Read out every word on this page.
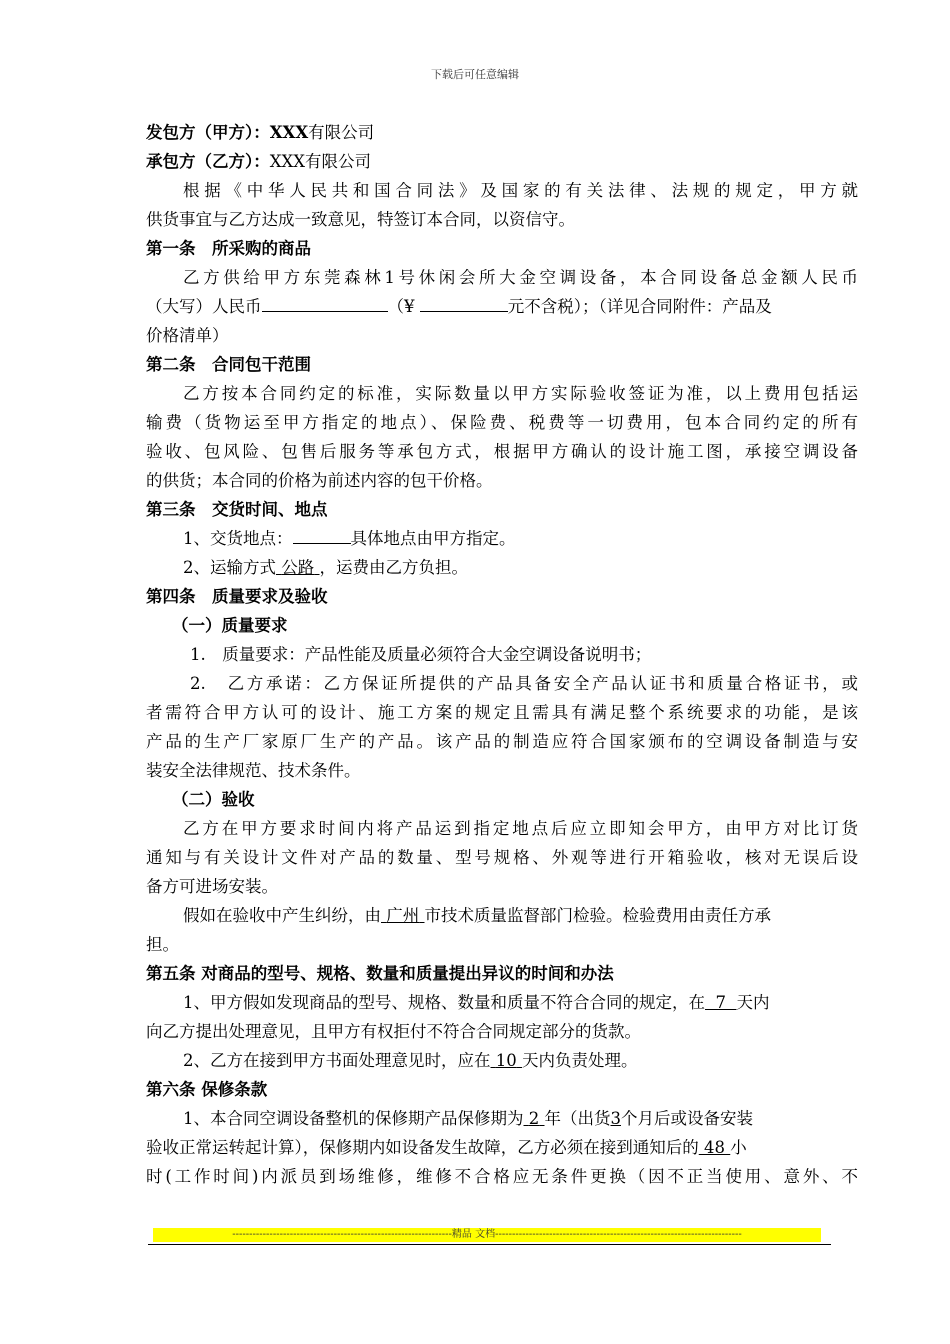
下载后可任意编辑
发包方（甲方）：XXX有限公司
承包方（乙方）：XXX有限公司
根据《中华人民共和国合同法》及国家的有关法律、法规的规定，甲方就
供货事宜与乙方达成一致意见，特签订本合同，以资信守。
第一条　所采购的商品
乙方供给甲方东莞森林1号休闲会所大金空调设备，本合同设备总金额人民币
（大写）人民币	（¥	元不含税）；（详见合同附件：产品及
价格清单）
第二条　合同包干范围
乙方按本合同约定的标准，实际数量以甲方实际验收签证为准，以上费用包括运
输费（货物运至甲方指定的地点）、保险费、税费等一切费用，包本合同约定的所有
验收、包风险、包售后服务等承包方式，根据甲方确认的设计施工图，承接空调设备
的供货；本合同的价格为前述内容的包干价格。
第三条　交货时间、地点
1、交货地点：	具体地点由甲方指定。
2、运输方式 公路 ，运费由乙方负担。
第四条　质量要求及验收
（一）质量要求
1.　质量要求：产品性能及质量必须符合大金空调设备说明书；
2.　乙方承诺：乙方保证所提供的产品具备安全产品认证书和质量合格证书，或
者需符合甲方认可的设计、施工方案的规定且需具有满足整个系统要求的功能，是该
产品的生产厂家原厂生产的产品。该产品的制造应符合国家颁布的空调设备制造与安
装安全法律规范、技术条件。
（二）验收
乙方在甲方要求时间内将产品运到指定地点后应立即知会甲方，由甲方对比订货
通知与有关设计文件对产品的数量、型号规格、外观等进行开箱验收，核对无误后设
备方可进场安装。
假如在验收中产生纠纷，由 广州 市技术质量监督部门检验。检验费用由责任方承
担。
第五条 对商品的型号、规格、数量和质量提出异议的时间和办法
1、甲方假如发现商品的型号、规格、数量和质量不符合合同的规定，在 7 天内
向乙方提出处理意见，且甲方有权拒付不符合合同规定部分的货款。
2、乙方在接到甲方书面处理意见时，应在 10 天内负责处理。
第六条 保修条款
1、本合同空调设备整机的保修期产品保修期为 2 年（出货3个月后或设备安装
验收正常运转起计算），保修期内如设备发生故障，乙方必须在接到通知后的 48 小
时(工作时间)内派员到场维修，维修不合格应无条件更换（因不正当使用、意外、不
-----------------------------------------------------------------精品 文档-------------------------------------------------------------------------
